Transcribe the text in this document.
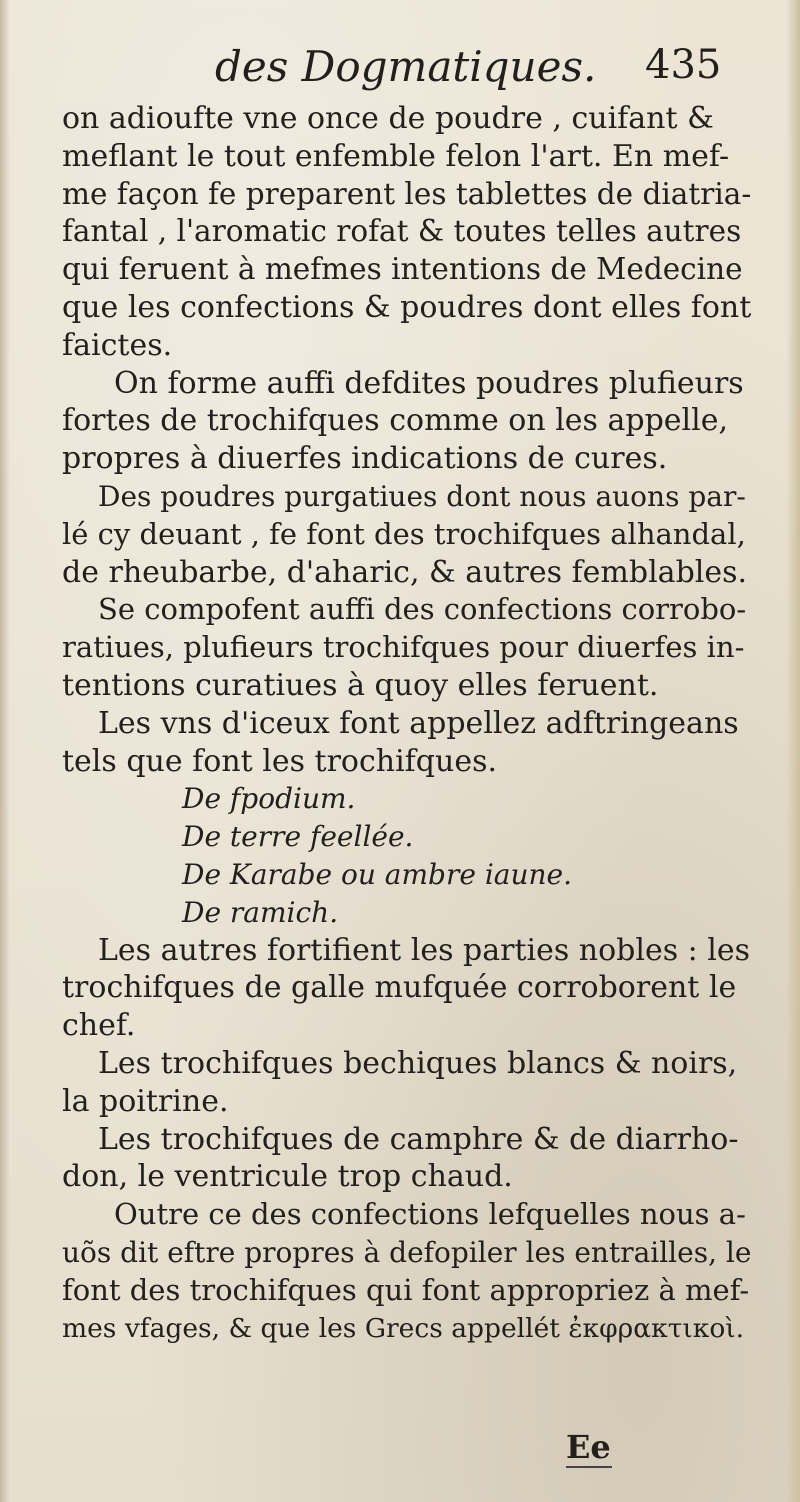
des Dogmatiques. 435
on adioufte vne once de poudre , cuifant &
meflant le tout enfemble felon l'art. En mef-
me façon fe preparent les tablettes de diatria-
fantal , l'aromatic rofat & toutes telles autres
qui feruent à mefmes intentions de Medecine
que les confections & poudres dont elles font
faictes.
On forme auffi defdites poudres plufieurs
fortes de trochifques comme on les appelle,
propres à diuerfes indications de cures.
Des poudres purgatiues dont nous auons par-
lé cy deuant , fe font des trochifques alhandal,
de rheubarbe, d'aharic, & autres femblables.
Se compofent auffi des confections corrobo-
ratiues, plufieurs trochifques pour diuerfes in-
tentions curatiues à quoy elles feruent.
Les vns d'iceux font appellez adftringeans
tels que font les trochifques.
De fpodium.
De terre feellée.
De Karabe ou ambre iaune.
De ramich.
Les autres fortifient les parties nobles : les
trochifques de galle mufquée corroborent le
chef.
Les trochifques bechiques blancs & noirs,
la poitrine.
Les trochifques de camphre & de diarrho-
don, le ventricule trop chaud.
Outre ce des confections lefquelles nous a-
uõs dit eftre propres à defopiler les entrailles, le
font des trochifques qui font appropriez à mef-
mes vfages, & que les Grecs appellét ἐκφρακτικοὶ.
Ee
